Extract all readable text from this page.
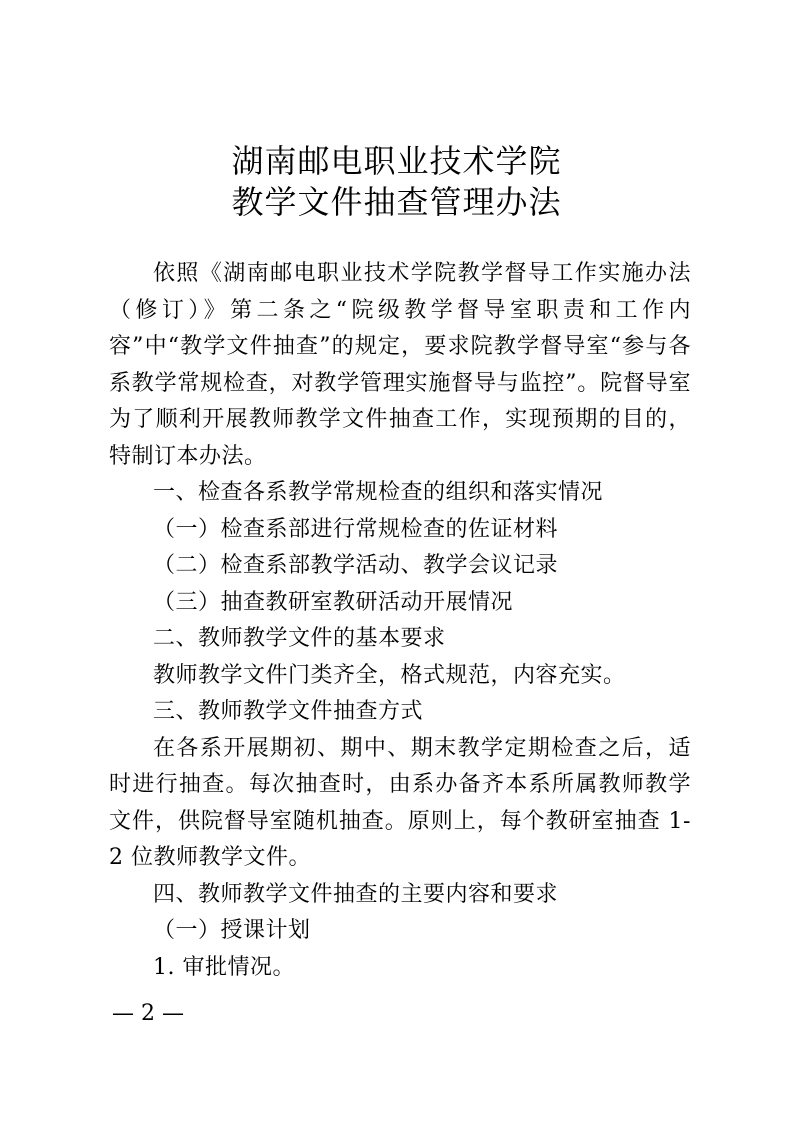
湖南邮电职业技术学院
教学文件抽查管理办法

依照《湖南邮电职业技术学院教学督导工作实施办法（修订）》第二条之“院级教学督导室职责和工作内容”中“教学文件抽查”的规定，要求院教学督导室“参与各系教学常规检查，对教学管理实施督导与监控”。院督导室为了顺利开展教师教学文件抽查工作，实现预期的目的，特制订本办法。

一、检查各系教学常规检查的组织和落实情况

（一）检查系部进行常规检查的佐证材料

（二）检查系部教学活动、教学会议记录

（三）抽查教研室教研活动开展情况

二、教师教学文件的基本要求

教师教学文件门类齐全，格式规范，内容充实。

三、教师教学文件抽查方式

在各系开展期初、期中、期末教学定期检查之后，适时进行抽查。每次抽查时，由系办备齐本系所属教师教学文件，供院督导室随机抽查。原则上，每个教研室抽查 1-2 位教师教学文件。

四、教师教学文件抽查的主要内容和要求

（一）授课计划

1. 审批情况。

— 2 —
